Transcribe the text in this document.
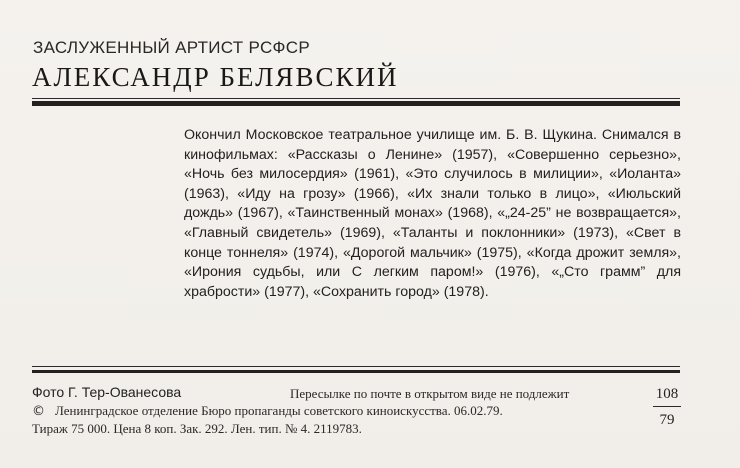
ЗАСЛУЖЕННЫЙ АРТИСТ РСФСР
АЛЕКСАНДР БЕЛЯВСКИЙ
Окончил Московское театральное училище им. Б. В. Щукина. Снимался в кинофильмах: «Рассказы о Ленине» (1957), «Совершенно серьезно», «Ночь без милосердия» (1961), «Это случилось в милиции», «Иоланта» (1963), «Иду на грозу» (1966), «Их знали только в лицо», «Июльский дождь» (1967), «Таинственный монах» (1968), «„24-25” не возвращается», «Главный свидетель» (1969), «Таланты и поклонники» (1973), «Свет в конце тоннеля» (1974), «Дорогой мальчик» (1975), «Когда дрожит земля», «Ирония судьбы, или С легким паром!» (1976), «„Сто грамм” для храбрости» (1977), «Сохранить город» (1978).
Фото Г. Тер-Ованесова	Пересылке по почте в открытом виде не подлежит
© Ленинградское отделение Бюро пропаганды советского киноискусства. 06.02.79.
Тираж 75 000. Цена 8 коп. Зак. 292. Лен. тип. № 4. 2119783.
108
79
